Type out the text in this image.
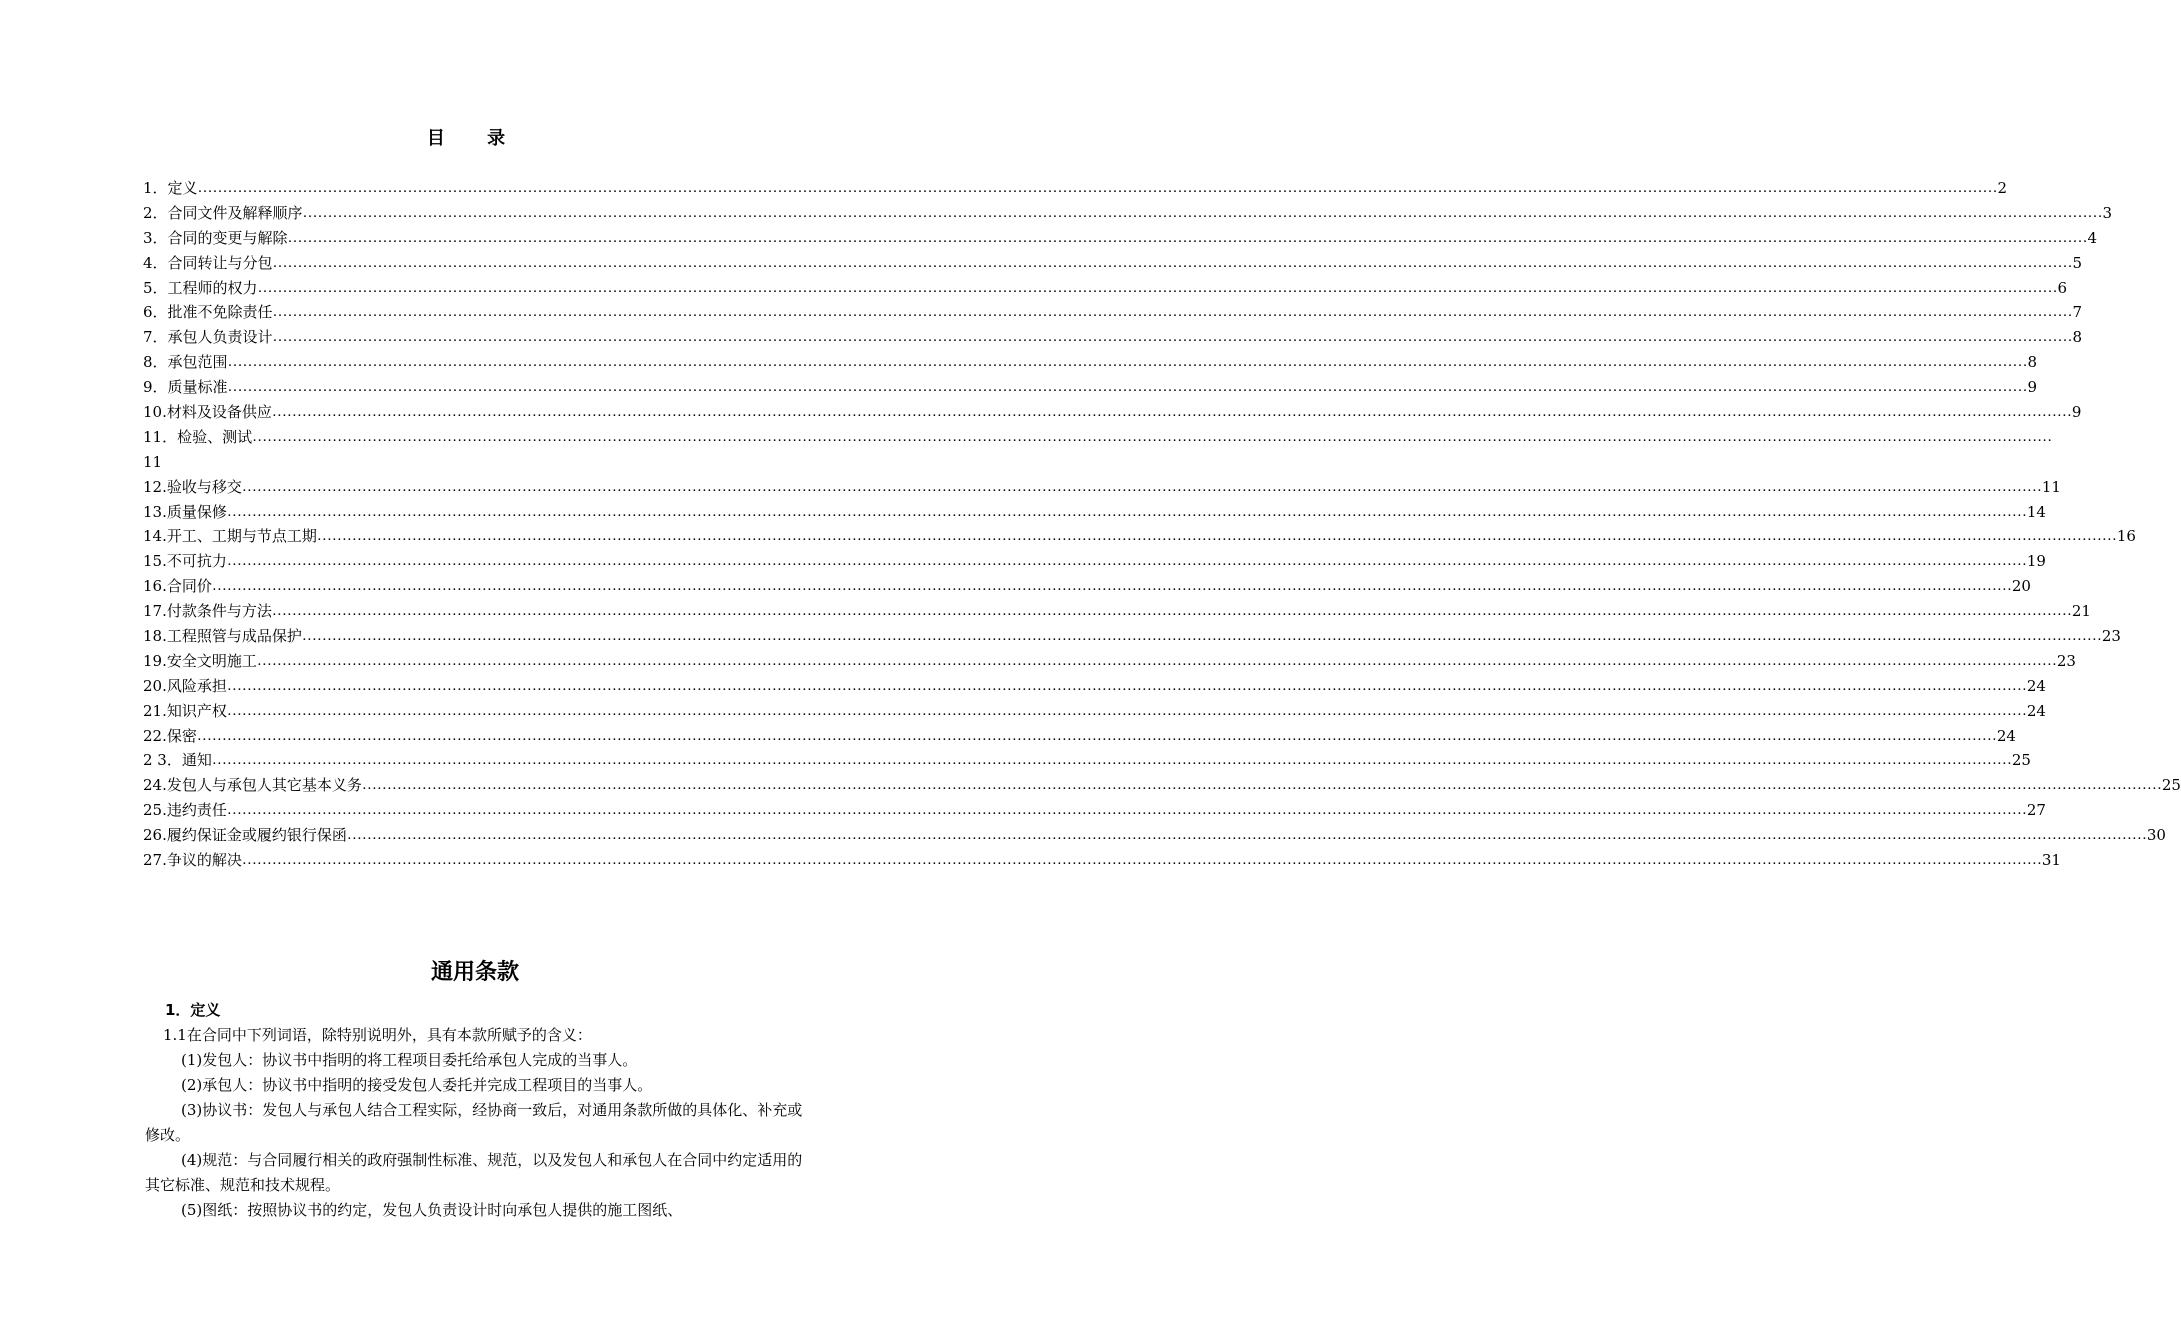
目 录
1．定义 ……………………………………………………………………………………………………………………………………………………………………………………………………………………………………………………………………………………………………………………………… 2
2．合同文件及解释顺序 ……………………………………………………………………………………………………………………………………………………………………………………………………………………………………………………………………………………………………………………………… 3
3．合同的变更与解除 ……………………………………………………………………………………………………………………………………………………………………………………………………………………………………………………………………………………………………………………………… 4
4．合同转让与分包 ……………………………………………………………………………………………………………………………………………………………………………………………………………………………………………………………………………………………………………………………… 5
5．工程师的权力 ……………………………………………………………………………………………………………………………………………………………………………………………………………………………………………………………………………………………………………………………… 6
6．批准不免除责任 ……………………………………………………………………………………………………………………………………………………………………………………………………………………………………………………………………………………………………………………………… 7
7．承包人负责设计 ……………………………………………………………………………………………………………………………………………………………………………………………………………………………………………………………………………………………………………………………… 8
8．承包范围 ……………………………………………………………………………………………………………………………………………………………………………………………………………………………………………………………………………………………………………………………… 8
9．质量标准 ……………………………………………………………………………………………………………………………………………………………………………………………………………………………………………………………………………………………………………………………… 9
10.材料及设备供应 ……………………………………………………………………………………………………………………………………………………………………………………………………………………………………………………………………………………………………………………………… 9
11．检验、测试 ………………………………………………………………………………………………………………………………………………………………………………………………………………………………………………………………………………………………………………………………
11
12.验收与移交 ……………………………………………………………………………………………………………………………………………………………………………………………………………………………………………………………………………………………………………………………… 11
13.质量保修 ……………………………………………………………………………………………………………………………………………………………………………………………………………………………………………………………………………………………………………………………… 14
14.开工、工期与节点工期 ……………………………………………………………………………………………………………………………………………………………………………………………………………………………………………………………………………………………………………………………… 16
15.不可抗力 ……………………………………………………………………………………………………………………………………………………………………………………………………………………………………………………………………………………………………………………………… 19
16.合同价 ……………………………………………………………………………………………………………………………………………………………………………………………………………………………………………………………………………………………………………………………… 20
17.付款条件与方法 ……………………………………………………………………………………………………………………………………………………………………………………………………………………………………………………………………………………………………………………………… 21
18.工程照管与成品保护 ……………………………………………………………………………………………………………………………………………………………………………………………………………………………………………………………………………………………………………………………… 23
19.安全文明施工 ……………………………………………………………………………………………………………………………………………………………………………………………………………………………………………………………………………………………………………………………… 23
20.风险承担 ……………………………………………………………………………………………………………………………………………………………………………………………………………………………………………………………………………………………………………………………… 24
21.知识产权 ……………………………………………………………………………………………………………………………………………………………………………………………………………………………………………………………………………………………………………………………… 24
22.保密 ……………………………………………………………………………………………………………………………………………………………………………………………………………………………………………………………………………………………………………………………… 24
2 3．通知 ……………………………………………………………………………………………………………………………………………………………………………………………………………………………………………………………………………………………………………………………… 25
24.发包人与承包人其它基本义务 ……………………………………………………………………………………………………………………………………………………………………………………………………………………………………………………………………………………………………………………………… 25
25.违约责任 ……………………………………………………………………………………………………………………………………………………………………………………………………………………………………………………………………………………………………………………………… 27
26.履约保证金或履约银行保函 ……………………………………………………………………………………………………………………………………………………………………………………………………………………………………………………………………………………………………………………………… 30
27.争议的解决 ……………………………………………………………………………………………………………………………………………………………………………………………………………………………………………………………………………………………………………………………… 31
通用条款
1．定义
1.1在合同中下列词语，除特别说明外，具有本款所赋予的含义：
(1)发包人：协议书中指明的将工程项目委托给承包人完成的当事人。
(2)承包人：协议书中指明的接受发包人委托并完成工程项目的当事人。
(3)协议书：发包人与承包人结合工程实际，经协商一致后，对通用条款所做的具体化、补充或修改。
(4)规范：与合同履行相关的政府强制性标准、规范，以及发包人和承包人在合同中约定适用的其它标准、规范和技术规程。
(5)图纸：按照协议书的约定，发包人负责设计时向承包人提供的施工图纸、
